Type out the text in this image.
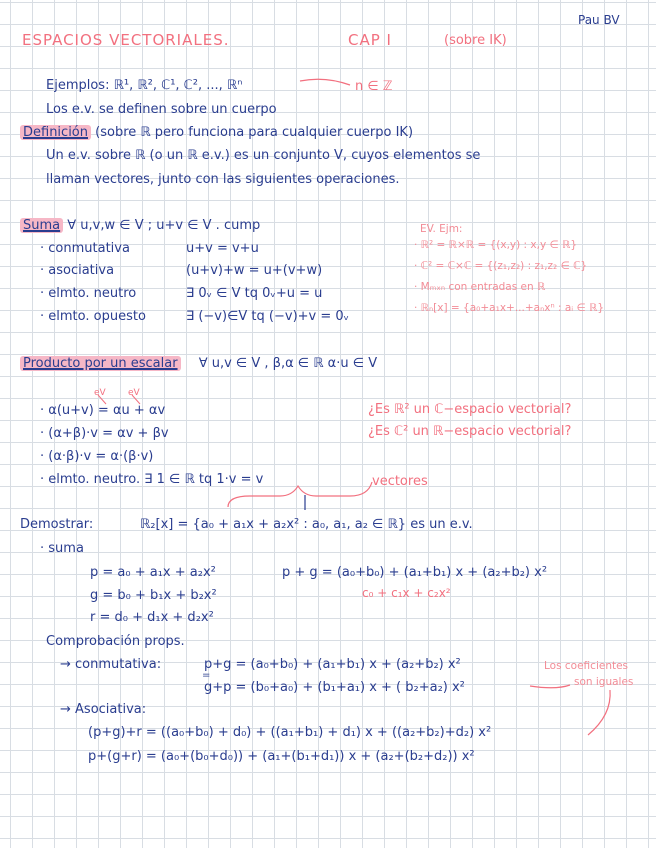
Pau BV
ESPACIOS VECTORIALES.	CAP I	(sobre IK)
Ejemplos: ℝ¹, ℝ², ℂ¹, ℂ², ..., ℝⁿ	n ∈ ℤ
Los e.v. se definen sobre un cuerpo
Definición (sobre ℝ pero funciona para cualquier cuerpo IK)
Un e.v. sobre ℝ (o un ℝ e.v.) es un conjunto V, cuyos elementos se
llaman vectores, junto con las siguientes operaciones.
Suma ∀ u,v,w ∈ V ; u+v ∈ V . cump
· conmutativa	u+v = v+u
· asociativa	(u+v)+w = u+(v+w)
· elmto. neutro	∃ 0ᵥ ∈ V tq 0ᵥ+u = u
· elmto. opuesto	∃ (−v)∈V tq (−v)+v = 0ᵥ
EV. Ejm:
· ℝ² = ℝ×ℝ = {(x,y) : x,y ∈ ℝ}
· ℂ² = ℂ×ℂ = {(z₁,z₂) : z₁,z₂ ∈ ℂ}
· Mₘₓₙ con entradas en ℝ
· ℝₙ[x] = {a₀+a₁x+...+aₙxⁿ : aᵢ ∈ ℝ}
Producto por un escalar ∀ u,v ∈ V , β,α ∈ ℝ α·u ∈ V
eV eV
· α(u+v) = αu + αv
· (α+β)·v = αv + βv
· (α·β)·v = α·(β·v)
· elmto. neutro. ∃ 1 ∈ ℝ tq 1·v = v
¿Es ℝ² un ℂ−espacio vectorial?
¿Es ℂ² un ℝ−espacio vectorial?
vectores
Demostrar:	ℝ₂[x] = {a₀ + a₁x + a₂x² : a₀, a₁, a₂ ∈ ℝ} es un e.v.
· suma
p = a₀ + a₁x + a₂x²
g = b₀ + b₁x + b₂x²
r = d₀ + d₁x + d₂x²
p + g = (a₀+b₀) + (a₁+b₁) x + (a₂+b₂) x²
c₀ + c₁x + c₂x²
Comprobación props.
→ conmutativa:	p+g = (a₀+b₀) + (a₁+b₁) x + (a₂+b₂) x²
=
g+p = (b₀+a₀) + (b₁+a₁) x + ( b₂+a₂) x²
Los coeficientes
son iguales
→ Asociativa:
(p+g)+r = ((a₀+b₀) + d₀) + ((a₁+b₁) + d₁) x + ((a₂+b₂)+d₂) x²
p+(g+r) = (a₀+(b₀+d₀)) + (a₁+(b₁+d₁)) x + (a₂+(b₂+d₂)) x²
